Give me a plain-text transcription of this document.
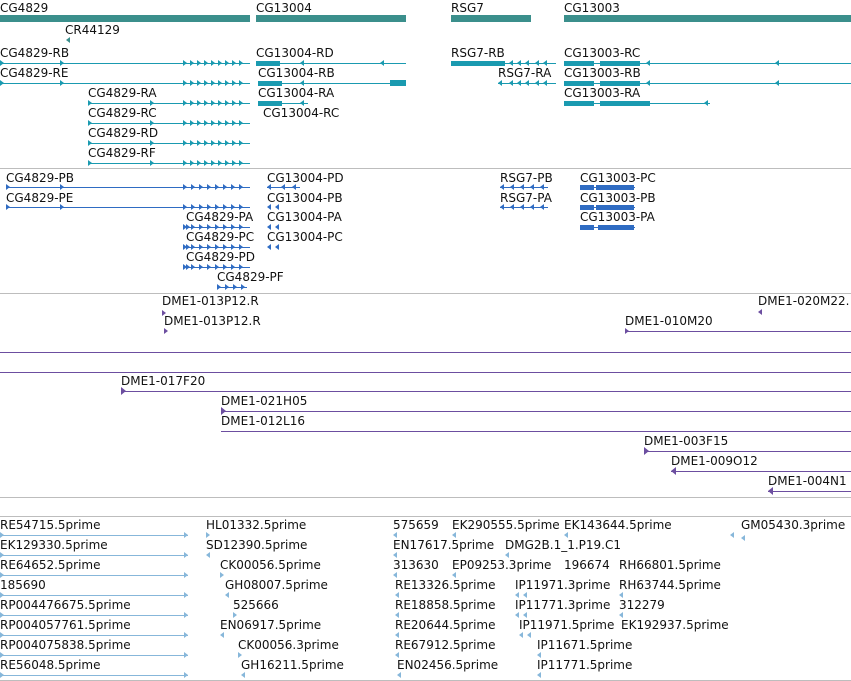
CG4829
CR44129
CG13004	RSG7	CG13003
CG4829-RB
CG4829-RE
CG4829-RA
CG4829-RC
CG4829-RD
CG4829-RF
CG13004-RD
CG13004-RB
CG13004-RA
CG13004-RC
RSG7-RB
RSG7-RA
CG13003-RC
CG13003-RB
CG13003-RA
CG4829-PB
CG4829-PE
CG4829-PA
CG4829-PC
CG4829-PD
CG4829-PF
CG13004-PD
CG13004-PB
CG13004-PA
CG13004-PC
RSG7-PB
RSG7-PA
CG13003-PC
CG13003-PB
CG13003-PA
DME1-013P12.R
DME1-013P12.R
DME1-020M22.
DME1-010M20
DME1-017F20
DME1-021H05
DME1-012L16
DME1-003F15
DME1-009O12
DME1-004N1
RE54715.5prime
EK129330.5prime
RE64652.5prime
185690
RP004476675.5prime
RP004057761.5prime
RP004075838.5prime
RE56048.5prime
HL01332.5prime
SD12390.5prime
CK00056.5prime
GH08007.5prime
525666
EN06917.5prime
CK00056.3prime
GH16211.5prime
575659
EN17617.5prime
313630
RE13326.5prime
RE18858.5prime
RE20644.5prime
RE67912.5prime
EN02456.5prime
EK290555.5prime
DMG2B.1_1.P19.C1
EP09253.3prime
IP11971.3prime
IP11771.3prime
IP11971.5prime
IP11671.5prime
IP11771.5prime
EK143644.5prime
196674 RH66801.5prime
RH63744.5prime
312279
EK192937.5prime
GM05430.3prime
